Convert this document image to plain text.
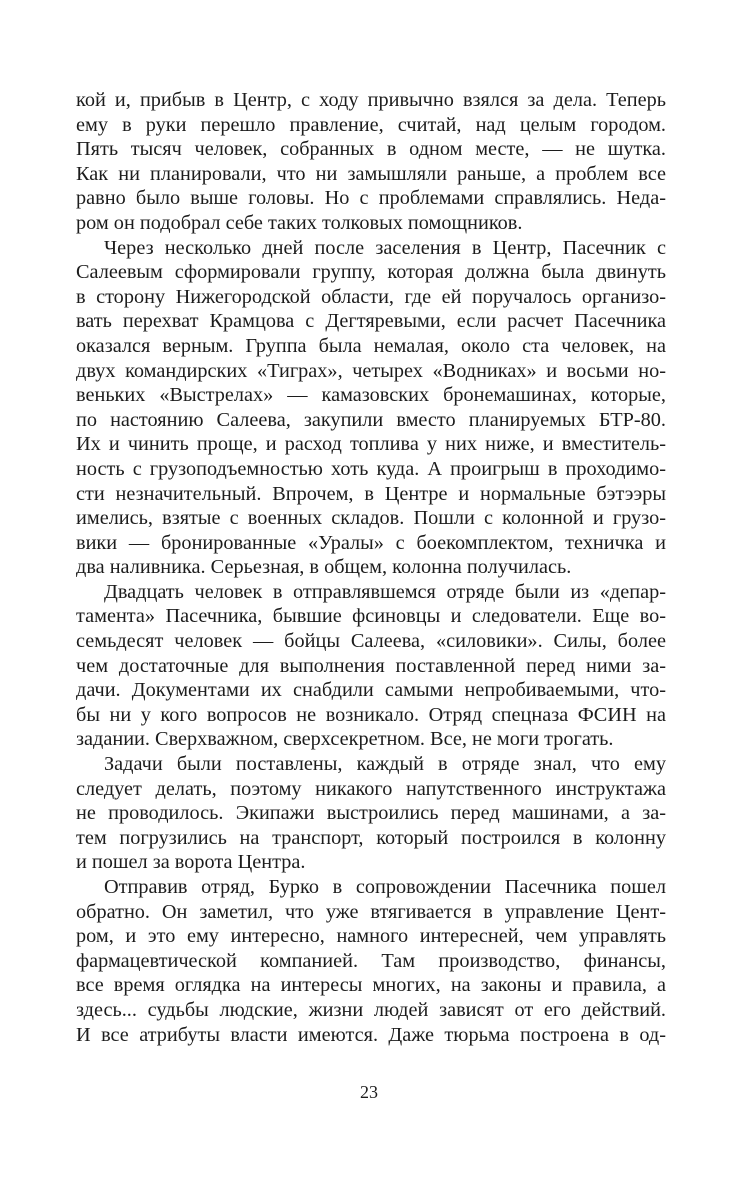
кой и, прибыв в Центр, с ходу привычно взялся за дела. Теперь
ему в руки перешло правление, считай, над целым городом.
Пять тысяч человек, собранных в одном месте, — не шутка.
Как ни планировали, что ни замышляли раньше, а проблем все
равно было выше головы. Но с проблемами справлялись. Неда-
ром он подобрал себе таких толковых помощников.
Через несколько дней после заселения в Центр, Пасечник с
Салеевым сформировали группу, которая должна была двинуть
в сторону Нижегородской области, где ей поручалось организо-
вать перехват Крамцова с Дегтяревыми, если расчет Пасечника
оказался верным. Группа была немалая, около ста человек, на
двух командирских «Тиграх», четырех «Водниках» и восьми но-
веньких «Выстрелах» — камазовских бронемашинах, которые,
по настоянию Салеева, закупили вместо планируемых БТР-80.
Их и чинить проще, и расход топлива у них ниже, и вместитель-
ность с грузоподъемностью хоть куда. А проигрыш в проходимо-
сти незначительный. Впрочем, в Центре и нормальные бэтээры
имелись, взятые с военных складов. Пошли с колонной и грузо-
вики — бронированные «Уралы» с боекомплектом, техничка и
два наливника. Серьезная, в общем, колонна получилась.
Двадцать человек в отправлявшемся отряде были из «депар-
тамента» Пасечника, бывшие фсиновцы и следователи. Еще во-
семьдесят человек — бойцы Салеева, «силовики». Силы, более
чем достаточные для выполнения поставленной перед ними за-
дачи. Документами их снабдили самыми непробиваемыми, что-
бы ни у кого вопросов не возникало. Отряд спецназа ФСИН на
задании. Сверхважном, сверхсекретном. Все, не моги трогать.
Задачи были поставлены, каждый в отряде знал, что ему
следует делать, поэтому никакого напутственного инструктажа
не проводилось. Экипажи выстроились перед машинами, а за-
тем погрузились на транспорт, который построился в колонну
и пошел за ворота Центра.
Отправив отряд, Бурко в сопровождении Пасечника пошел
обратно. Он заметил, что уже втягивается в управление Цент-
ром, и это ему интересно, намного интересней, чем управлять
фармацевтической компанией. Там производство, финансы,
все время оглядка на интересы многих, на законы и правила, а
здесь... судьбы людские, жизни людей зависят от его действий.
И все атрибуты власти имеются. Даже тюрьма построена в од-
23
